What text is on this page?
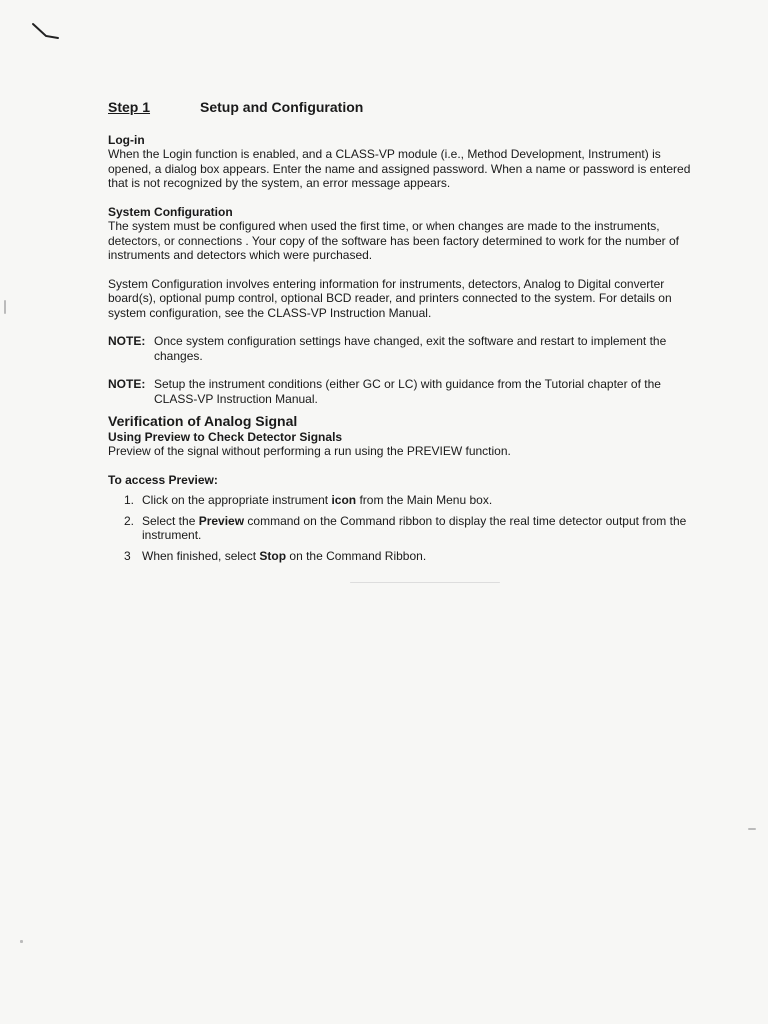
Step 1	Setup and Configuration

Log-in

When the Login function is enabled, and a CLASS-VP module (i.e., Method Development, Instrument) is opened, a dialog box appears. Enter the name and assigned password. When a name or password is entered that is not recognized by the system, an error message appears.

System Configuration

The system must be configured when used the first time, or when changes are made to the instruments, detectors, or connections . Your copy of the software has been factory determined to work for the number of instruments and detectors which were purchased.

System Configuration involves entering information for instruments, detectors, Analog to Digital converter board(s), optional pump control, optional BCD reader, and printers connected to the system. For details on system configuration, see the CLASS-VP Instruction Manual.

NOTE: Once system configuration settings have changed, exit the software and restart to implement the changes.
NOTE: Setup the instrument conditions (either GC or LC) with guidance from the Tutorial chapter of the CLASS-VP Instruction Manual.

Verification of Analog Signal

Using Preview to Check Detector Signals

Preview of the signal without performing a run using the PREVIEW function.

To access Preview:

1. Click on the appropriate instrument icon from the Main Menu box.
2. Select the Preview command on the Command ribbon to display the real time detector output from the instrument.
3 When finished, select Stop on the Command Ribbon.
